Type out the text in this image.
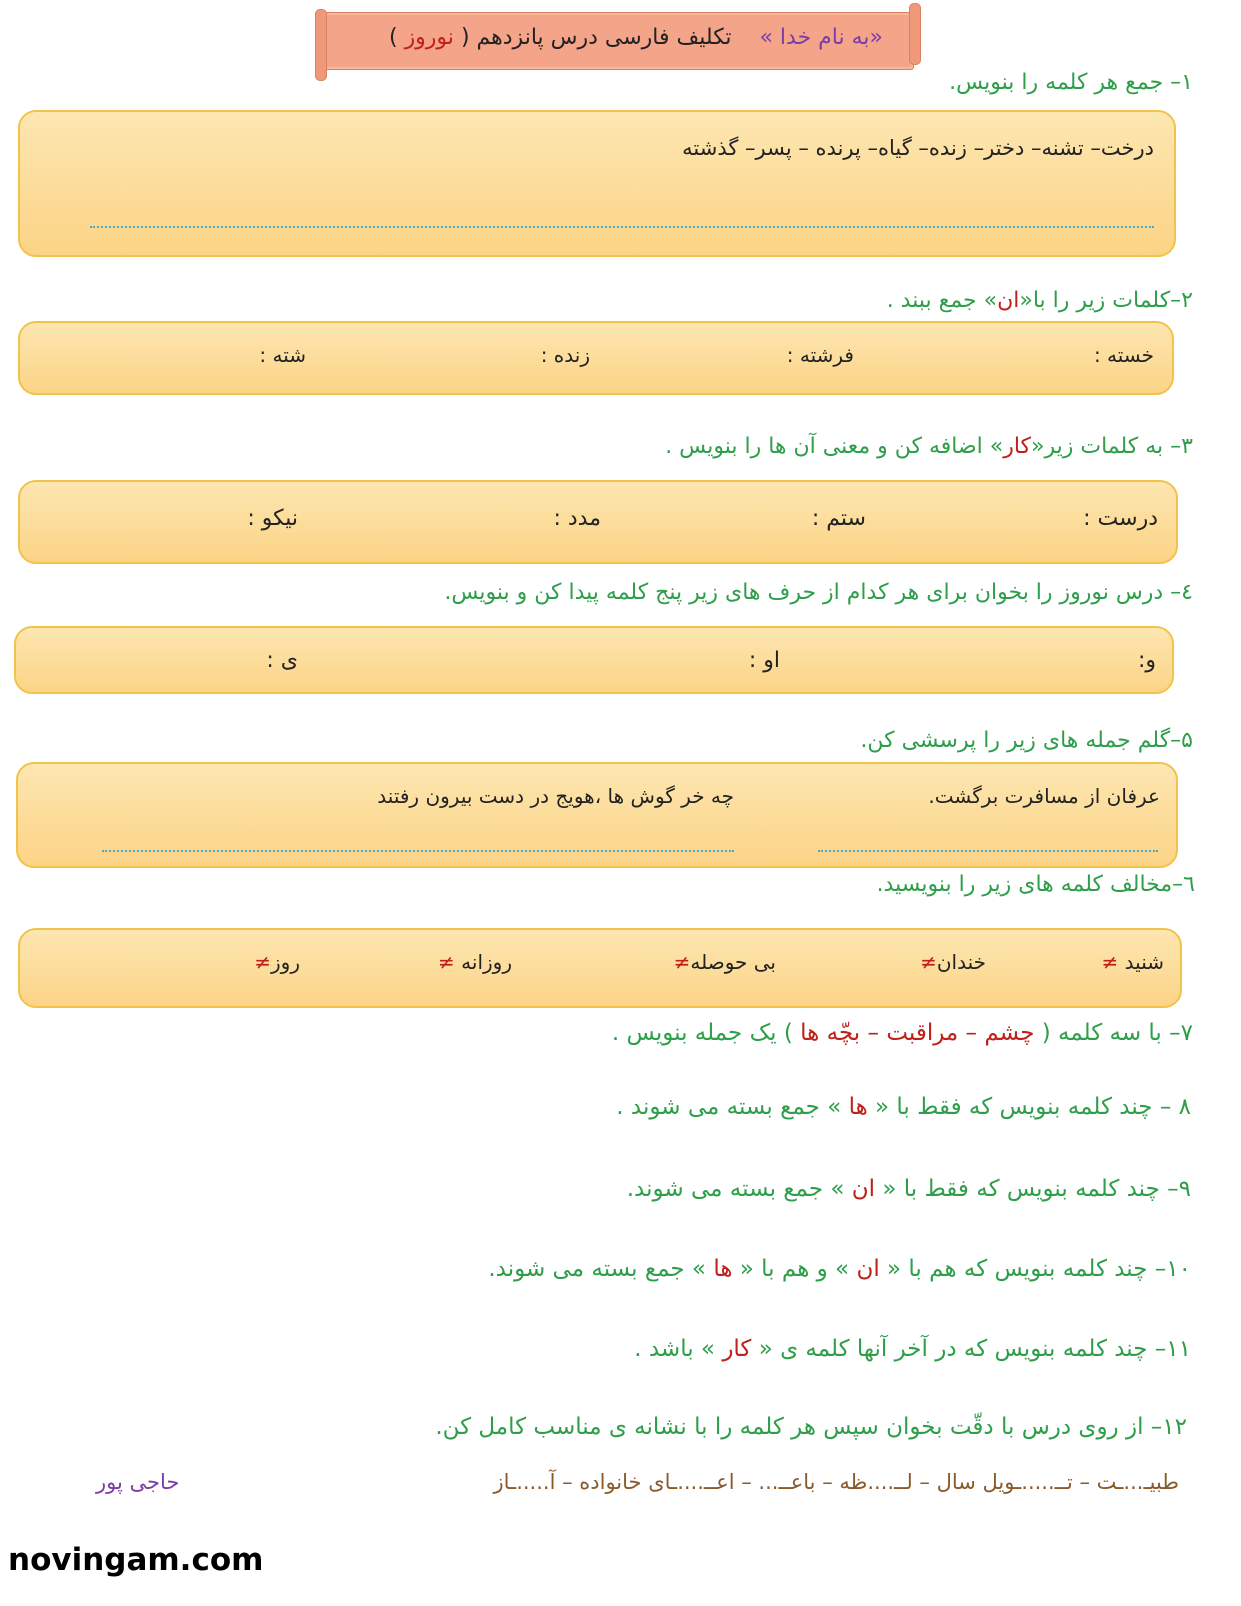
«به نام خدا »    تکلیف فارسی درس پانزدهم ( نوروز )
۱– جمع هر کلمه را بنویس.
درخت– تشنه– دختر– زنده– گیاه– پرنده – پسر– گذشته
۲–کلمات زیر را با«ان» جمع ببند .
خسته :
فرشته :
زنده :
شته :
۳– به کلمات زیر«کار» اضافه کن و معنی آن ها را بنویس .
درست :
ستم :
مدد :
نیکو :
٤– درس نوروز را بخوان برای هر کدام از حرف های زیر پنج کلمه پیدا کن و بنویس.
و:
او :
ی :
۵–گلم جمله های زیر را پرسشی کن.
عرفان از مسافرت برگشت.
چه خر گوش ها ،هویج در دست بیرون رفتند
٦–مخالف کلمه های زیر را بنویسید.
شنید ≠
خندان≠
بی حوصله≠
روزانه ≠
روز≠
۷– با سه کلمه ( چشم – مراقبت – بچّه ها ) یک جمله بنویس .
۸ – چند کلمه بنویس که فقط با « ها » جمع بسته می شوند .
۹– چند کلمه بنویس که فقط با « ان » جمع بسته می شوند.
۱۰– چند کلمه بنویس که هم با « ان » و هم با « ها » جمع بسته می شوند.
۱۱– چند کلمه بنویس که در آخر آنها کلمه ی « کار » باشد .
۱۲– از روی درس با دقّت بخوان سپس هر کلمه را با نشانه ی مناسب کامل کن.
طبیـ...ـت – تــ.....ـویل سال – لــ....ظه – باعــ... – اعــ....ـای خانواده – آ.....ـاز
حاجی پور
novingam.com
